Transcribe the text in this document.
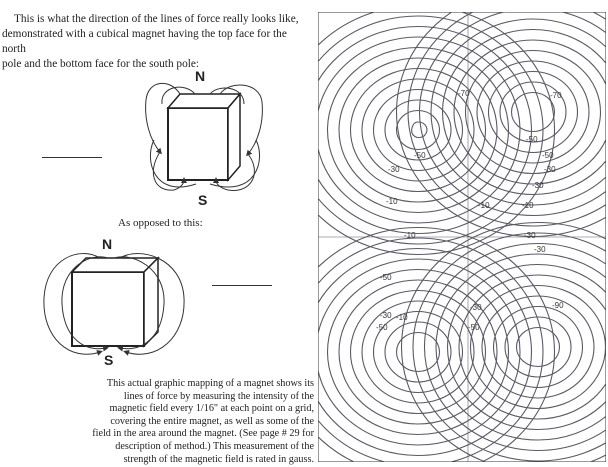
This is what the direction of the lines of force really looks like,
demonstrated with a cubical magnet having the top face for the north
pole and the bottom face for the south pole:
N
S
As opposed to this:
N
S
This actual graphic mapping of a magnet shows its lines of force by measuring the intensity of the magnetic field every 1/16" at each point on a grid, covering the entire magnet, as well as some of the field in the area around the magnet. (See page # 29 for description of method.) This measurement of the strength of the magnetic field is rated in gauss.
-70
-50
-30
-10	-10
-70
-50
-30
-10
-50
-30
-10
-30
-50
-30 -10
-30
-50
-90
-30
-50
